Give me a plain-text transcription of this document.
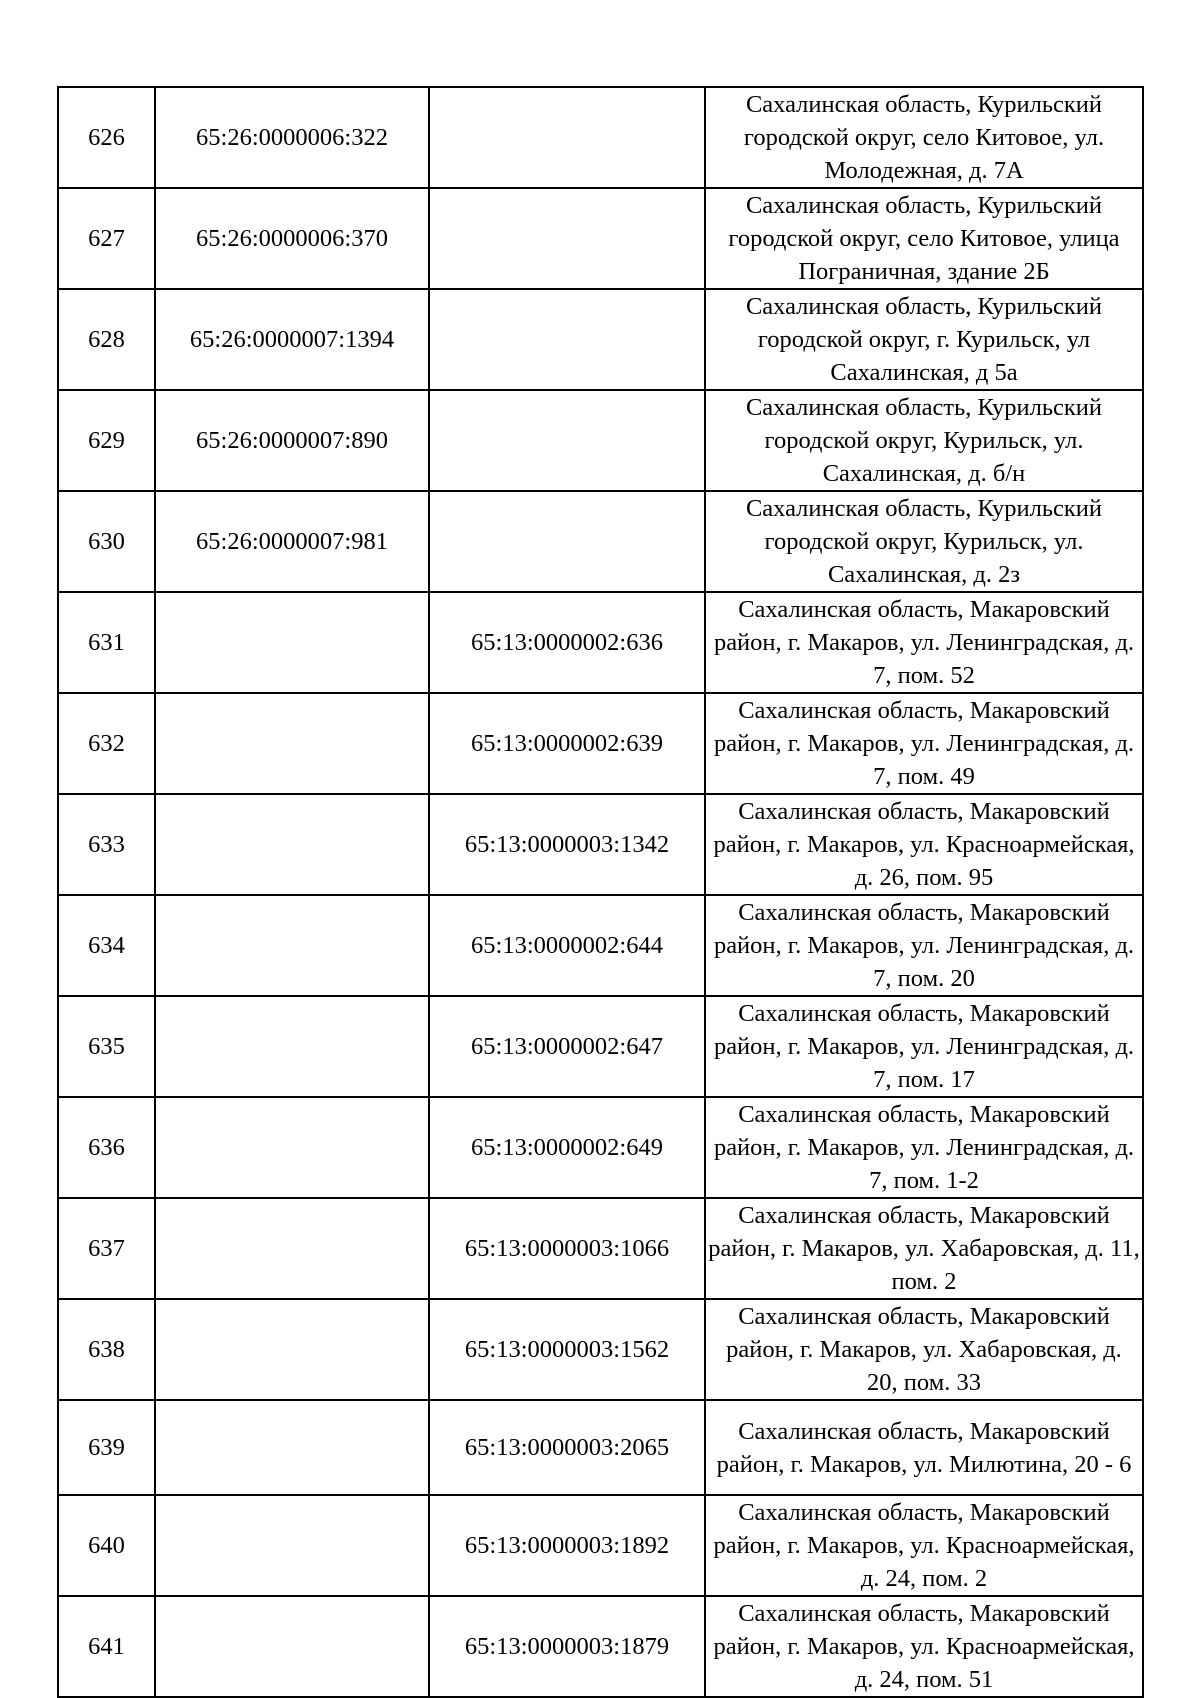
626	65:26:0000006:322		Сахалинская область, Курильский городской округ, село Китовое, ул. Молодежная, д. 7А
627	65:26:0000006:370		Сахалинская область, Курильский городской округ, село Китовое, улица Пограничная, здание 2Б
628	65:26:0000007:1394		Сахалинская область, Курильский городской округ, г. Курильск, ул Сахалинская, д 5а
629	65:26:0000007:890		Сахалинская область, Курильский городской округ, Курильск, ул. Сахалинская, д. б/н
630	65:26:0000007:981		Сахалинская область, Курильский городской округ, Курильск, ул. Сахалинская, д. 2з
631		65:13:0000002:636	Сахалинская область, Макаровский район, г. Макаров, ул. Ленинградская, д. 7, пом. 52
632		65:13:0000002:639	Сахалинская область, Макаровский район, г. Макаров, ул. Ленинградская, д. 7, пом. 49
633		65:13:0000003:1342	Сахалинская область, Макаровский район, г. Макаров, ул. Красноармейская, д. 26, пом. 95
634		65:13:0000002:644	Сахалинская область, Макаровский район, г. Макаров, ул. Ленинградская, д. 7, пом. 20
635		65:13:0000002:647	Сахалинская область, Макаровский район, г. Макаров, ул. Ленинградская, д. 7, пом. 17
636		65:13:0000002:649	Сахалинская область, Макаровский район, г. Макаров, ул. Ленинградская, д. 7, пом. 1-2
637		65:13:0000003:1066	Сахалинская область, Макаровский район, г. Макаров, ул. Хабаровская, д. 11, пом. 2
638		65:13:0000003:1562	Сахалинская область, Макаровский район, г. Макаров, ул. Хабаровская, д. 20, пом. 33
639		65:13:0000003:2065	Сахалинская область, Макаровский район, г. Макаров, ул. Милютина, 20 - 6
640		65:13:0000003:1892	Сахалинская область, Макаровский район, г. Макаров, ул. Красноармейская, д. 24, пом. 2
641		65:13:0000003:1879	Сахалинская область, Макаровский район, г. Макаров, ул. Красноармейская, д. 24, пом. 51
